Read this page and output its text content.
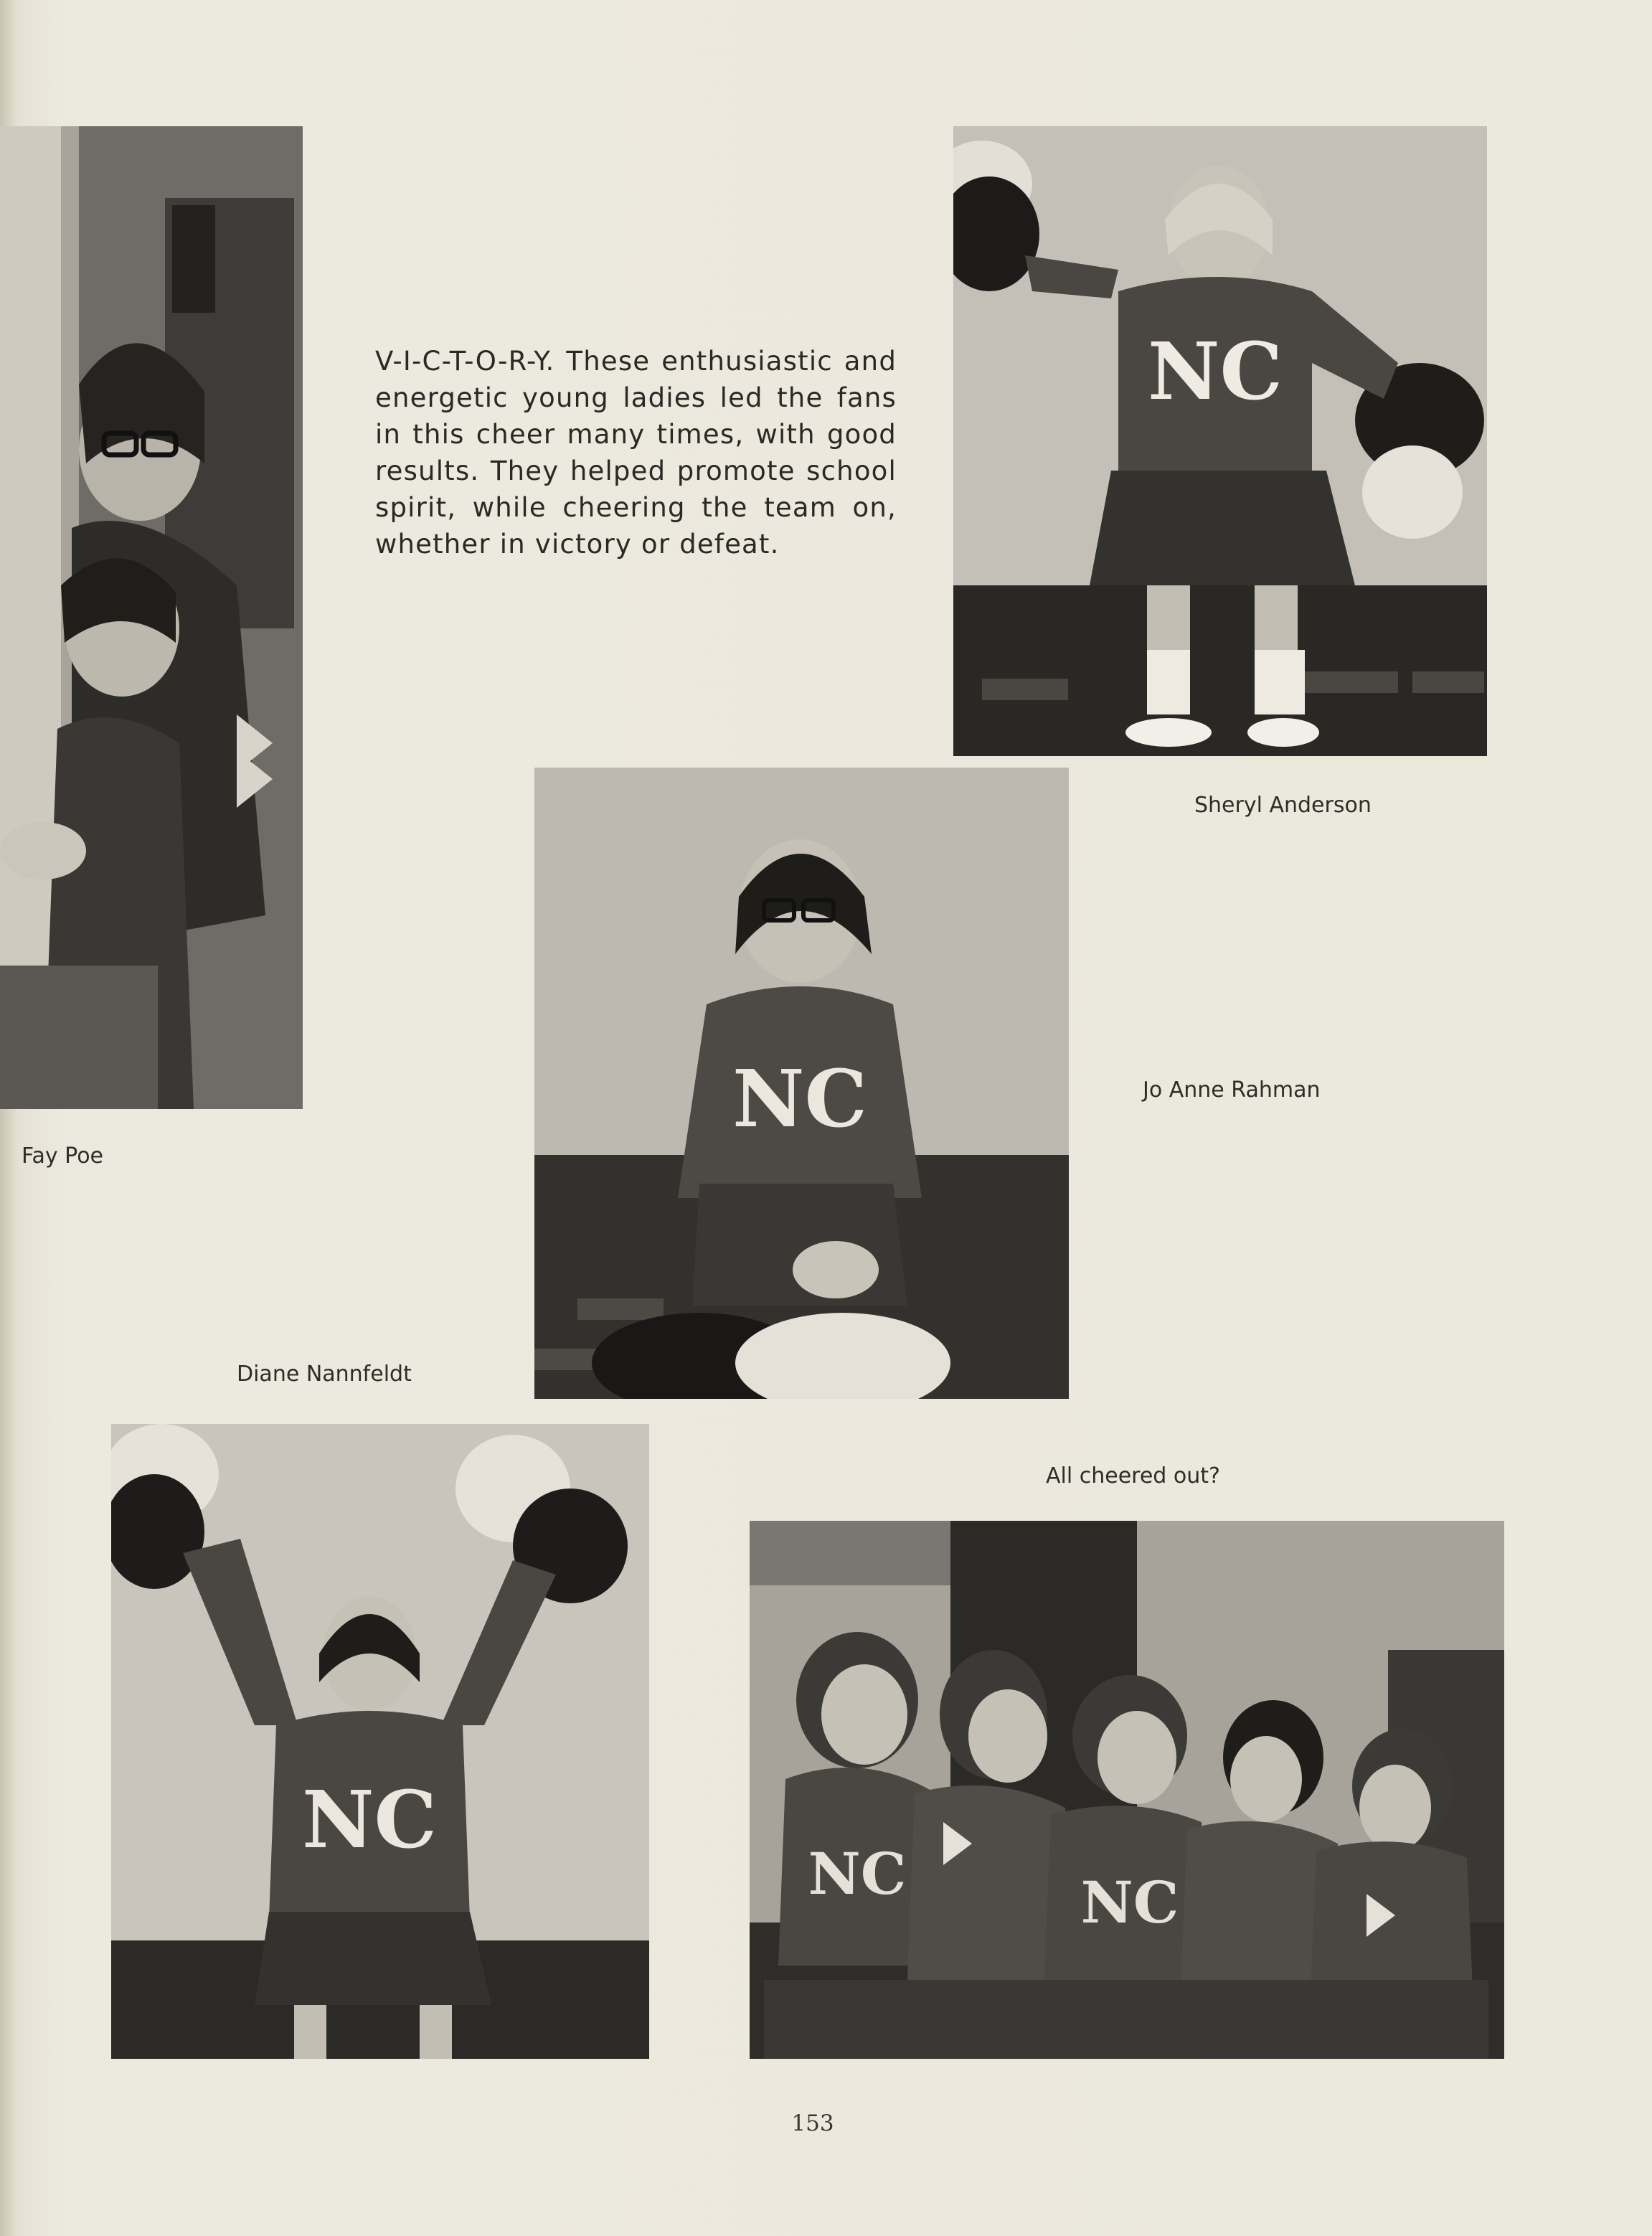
V-I-C-T-O-R-Y. These enthusiastic and energetic young ladies led the fans in this cheer many times, with good results. They helped promote school spirit, while cheering the team on, whether in victory or defeat.

NC
Sheryl Anderson
NC	Jo Anne Rahman
Fay Poe
Diane Nannfeldt
NC
All cheered out?
NC	NC
153
